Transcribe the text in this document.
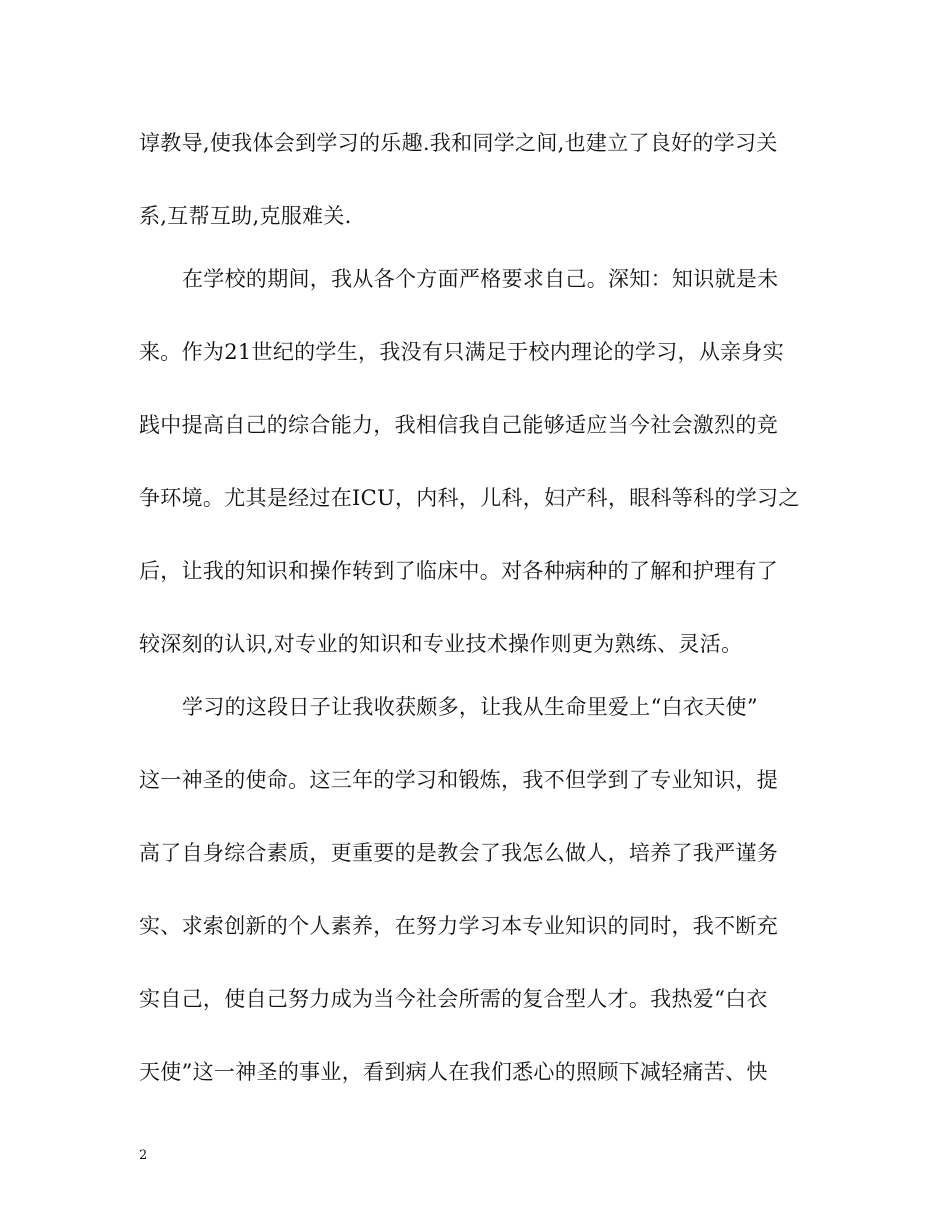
谆教导,使我体会到学习的乐趣.我和同学之间,也建立了良好的学习关
系,互帮互助,克服难关.
在学校的期间，我从各个方面严格要求自己。深知：知识就是未
来。作为21世纪的学生，我没有只满足于校内理论的学习，从亲身实
践中提高自己的综合能力，我相信我自己能够适应当今社会激烈的竞
争环境。尤其是经过在ICU，内科，儿科，妇产科，眼科等科的学习之
后，让我的知识和操作转到了临床中。对各种病种的了解和护理有了
较深刻的认识,对专业的知识和专业技术操作则更为熟练、灵活。
学习的这段日子让我收获颇多，让我从生命里爱上“白衣天使”
这一神圣的使命。这三年的学习和锻炼，我不但学到了专业知识，提
高了自身综合素质，更重要的是教会了我怎么做人，培养了我严谨务
实、求索创新的个人素养，在努力学习本专业知识的同时，我不断充
实自己，使自己努力成为当今社会所需的复合型人才。我热爱“白衣
天使”这一神圣的事业，看到病人在我们悉心的照顾下减轻痛苦、快
2
